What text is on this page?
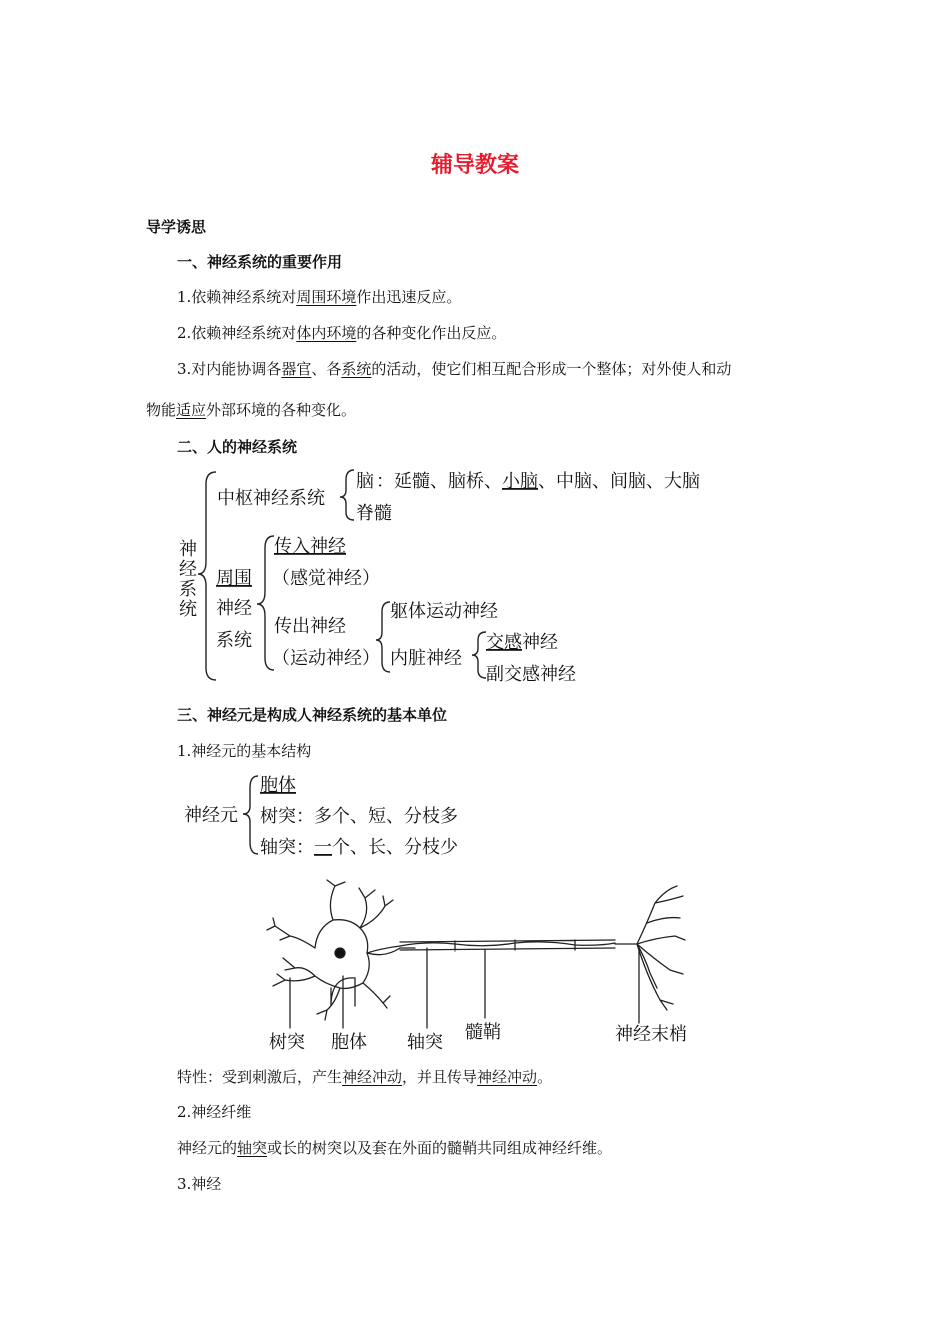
辅导教案
导学诱思
一、神经系统的重要作用
1.依赖神经系统对周围环境作出迅速反应。
2.依赖神经系统对体内环境的各种变化作出反应。
3.对内能协调各器官、各系统的活动，使它们相互配合形成一个整体；对外使人和动
物能适应外部环境的各种变化。
二、人的神经系统
神
经
系
统
中枢神经系统
脑 ：延髓、脑桥、小脑、中脑、间脑、大脑
脊髓
周围
神经
系统
传入神经
（感觉神经）
传出神经
（运动神经）
躯体运动神经
内脏神经
交感神经
副交感神经
三、神经元是构成人神经系统的基本单位
1.神经元的基本结构
神经元
胞体
树突：多个、短、分枝多
轴突：一个、长、分枝少
树突 胞体 轴突 髓鞘	神经末梢
特性：受到刺激后，产生神经冲动，并且传导神经冲动。
2.神经纤维
神经元的轴突或长的树突以及套在外面的髓鞘共同组成神经纤维。
3.神经
